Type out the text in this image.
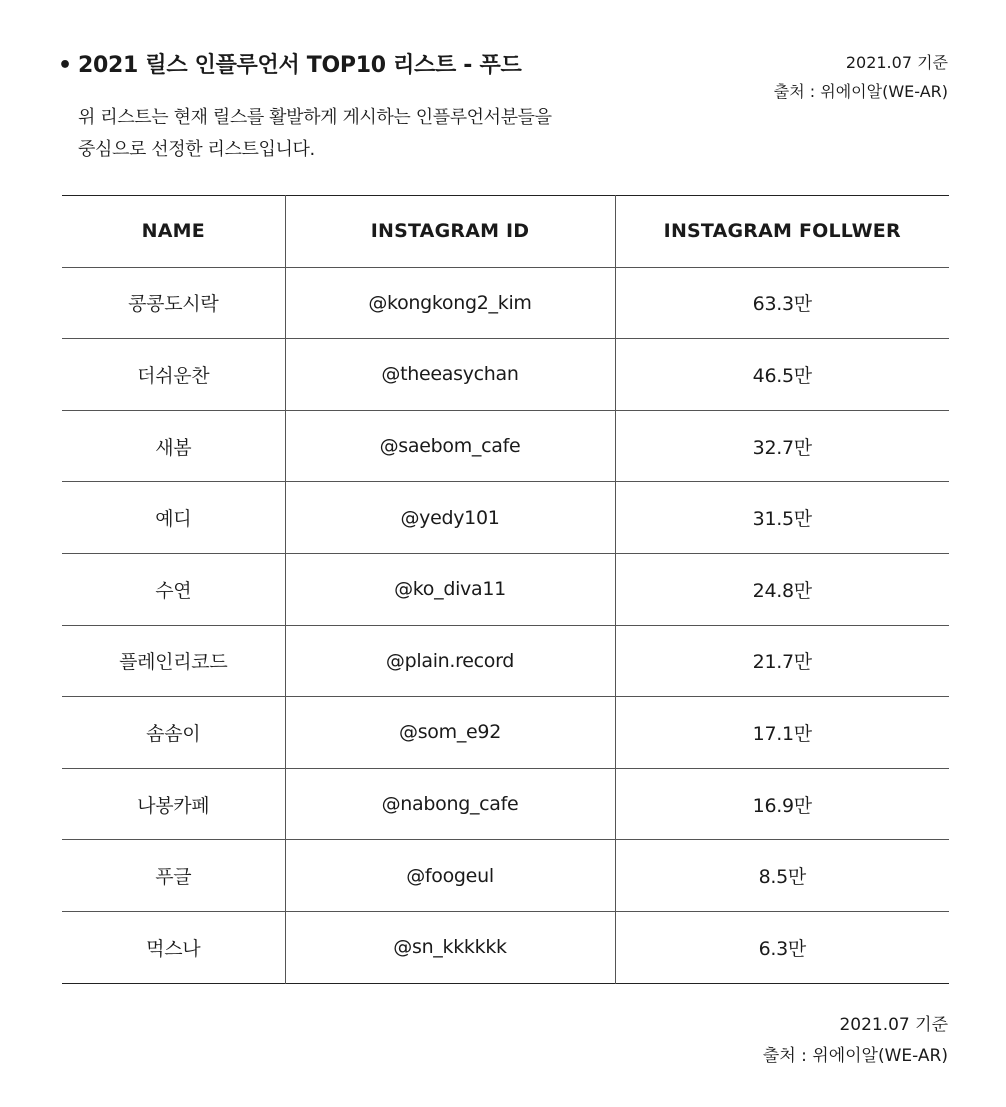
• 2021 릴스 인플루언서 TOP10 리스트 - 푸드
위 리스트는 현재 릴스를 활발하게 게시하는 인플루언서분들을
중심으로 선정한 리스트입니다.
2021.07 기준
출처 : 위에이알(WE-AR)
NAME	INSTAGRAM ID	INSTAGRAM FOLLWER
콩콩도시락	@kongkong2_kim	63.3만
더쉬운찬	@theeasychan	46.5만
새봄	@saebom_cafe	32.7만
예디	@yedy101	31.5만
수연	@ko_diva11	24.8만
플레인리코드	@plain.record	21.7만
솜솜이	@som_e92	17.1만
나봉카페	@nabong_cafe	16.9만
푸글	@foogeul	8.5만
먹스나	@sn_kkkkkk	6.3만
2021.07 기준
출처 : 위에이알(WE-AR)
